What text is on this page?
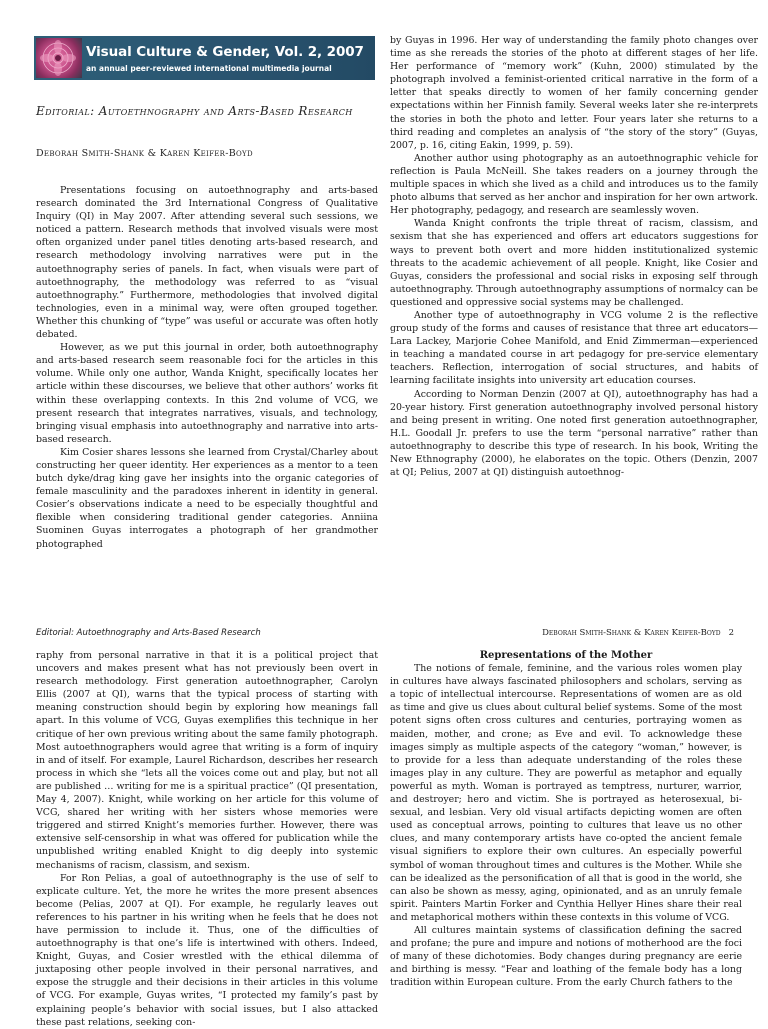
Visual Culture & Gender, Vol. 2, 2007
an annual peer-reviewed international multimedia journal
Editorial: Autoethnography and Arts-Based Research
Deborah Smith-Shank & Karen Keifer-Boyd

Presentations focusing on autoethnography and arts-based research dominated the 3rd International Congress of Qualitative Inquiry (QI) in May 2007. After attending several such sessions, we noticed a pattern. Research methods that involved visuals were most often organized under panel titles denoting arts-based research, and research methodology involving narratives were put in the autoethnography series of panels. In fact, when visuals were part of autoethnography, the methodology was referred to as “visual autoethnography.” Furthermore, methodologies that involved digital technologies, even in a minimal way, were often grouped together. Whether this chunking of “type” was useful or accurate was often hotly debated.

However, as we put this journal in order, both autoethnography and arts-based research seem reasonable foci for the articles in this volume. While only one author, Wanda Knight, specifically locates her article within these discourses, we believe that other authors’ works fit within these overlapping contexts. In this 2nd volume of VCG, we present research that integrates narratives, visuals, and technology, bringing visual emphasis into autoethnography and narrative into arts-based research.

Kim Cosier shares lessons she learned from Crystal/Charley about constructing her queer identity. Her experiences as a mentor to a teen butch dyke/drag king gave her insights into the organic categories of female masculinity and the paradoxes inherent in identity in general. Cosier’s observations indicate a need to be especially thoughtful and flexible when considering traditional gender categories. Anniina Suominen Guyas interrogates a photograph of her grandmother photographed

by Guyas in 1996. Her way of understanding the family photo changes over time as she rereads the stories of the photo at different stages of her life. Her performance of “memory work” (Kuhn, 2000) stimulated by the photograph involved a feminist-oriented critical narrative in the form of a letter that speaks directly to women of her family concerning gender expectations within her Finnish family. Several weeks later she re-interprets the stories in both the photo and letter. Four years later she returns to a third reading and completes an analysis of “the story of the story” (Guyas, 2007, p. 16, citing Eakin, 1999, p. 59).

Another author using photography as an autoethnographic vehicle for reflection is Paula McNeill. She takes readers on a journey through the multiple spaces in which she lived as a child and introduces us to the family photo albums that served as her anchor and inspiration for her own artwork. Her photography, pedagogy, and research are seamlessly woven.

Wanda Knight confronts the triple threat of racism, classism, and sexism that she has experienced and offers art educators suggestions for ways to prevent both overt and more hidden institutionalized systemic threats to the academic achievement of all people. Knight, like Cosier and Guyas, considers the professional and social risks in exposing self through autoethnography. Through autoethnography assumptions of normalcy can be questioned and oppressive social systems may be challenged.

Another type of autoethnography in VCG volume 2 is the reflective group study of the forms and causes of resistance that three art educators—Lara Lackey, Marjorie Cohee Manifold, and Enid Zimmerman—experienced in teaching a mandated course in art pedagogy for pre-service elementary teachers. Reflection, interrogation of social structures, and habits of learning facilitate insights into university art education courses.

According to Norman Denzin (2007 at QI), autoethnography has had a 20-year history. First generation autoethnography involved personal history and being present in writing. One noted first generation autoethnographer, H.L. Goodall Jr. prefers to use the term “personal narrative” rather than autoethnography to describe this type of research. In his book, Writing the New Ethnography (2000), he elaborates on the topic. Others (Denzin, 2007 at QI; Pelius, 2007 at QI) distinguish autoethnog-

Editorial: Autoethnography and Arts-Based Research	Deborah Smith-Shank & Karen Keifer-Boyd 2

raphy from personal narrative in that it is a political project that uncovers and makes present what has not previously been overt in research methodology. First generation autoethnographer, Carolyn Ellis (2007 at QI), warns that the typical process of starting with meaning construction should begin by exploring how meanings fall apart. In this volume of VCG, Guyas exemplifies this technique in her critique of her own previous writing about the same family photograph. Most autoethnographers would agree that writing is a form of inquiry in and of itself. For example, Laurel Richardson, describes her research process in which she “lets all the voices come out and play, but not all are published … writing for me is a spiritual practice” (QI presentation, May 4, 2007). Knight, while working on her article for this volume of VCG, shared her writing with her sisters whose memories were triggered and stirred Knight’s memories further. However, there was extensive self-censorship in what was offered for publication while the unpublished writing enabled Knight to dig deeply into systemic mechanisms of racism, classism, and sexism.

For Ron Pelias, a goal of autoethnography is the use of self to explicate culture. Yet, the more he writes the more present absences become (Pelias, 2007 at QI). For example, he regularly leaves out references to his partner in his writing when he feels that he does not have permission to include it. Thus, one of the difficulties of autoethnography is that one’s life is intertwined with others. Indeed, Knight, Guyas, and Cosier wrestled with the ethical dilemma of juxtaposing other people involved in their personal narratives, and expose the struggle and their decisions in their articles in this volume of VCG. For example, Guyas writes, “I protected my family’s past by explaining people’s behavior with social issues, but I also attacked these past relations, seeking con-

Representations of the Mother

The notions of female, feminine, and the various roles women play in cultures have always fascinated philosophers and scholars, serving as a topic of intellectual intercourse. Representations of women are as old as time and give us clues about cultural belief systems. Some of the most potent signs often cross cultures and centuries, portraying women as maiden, mother, and crone; as Eve and evil. To acknowledge these images simply as multiple aspects of the category “woman,” however, is to provide for a less than adequate understanding of the roles these images play in any culture. They are powerful as metaphor and equally powerful as myth. Woman is portrayed as temptress, nurturer, warrior, and destroyer; hero and victim. She is portrayed as heterosexual, bi-sexual, and lesbian. Very old visual artifacts depicting women are often used as conceptual arrows, pointing to cultures that leave us no other clues, and many contemporary artists have co-opted the ancient female visual signifiers to explore their own cultures. An especially powerful symbol of woman throughout times and cultures is the Mother. While she can be idealized as the personification of all that is good in the world, she can also be shown as messy, aging, opinionated, and as an unruly female spirit. Painters Martin Forker and Cynthia Hellyer Hines share their real and metaphorical mothers within these contexts in this volume of VCG.

All cultures maintain systems of classification defining the sacred and profane; the pure and impure and notions of motherhood are the foci of many of these dichotomies. Body changes during pregnancy are eerie and birthing is messy. “Fear and loathing of the female body has a long tradition within European culture. From the early Church fathers to the
